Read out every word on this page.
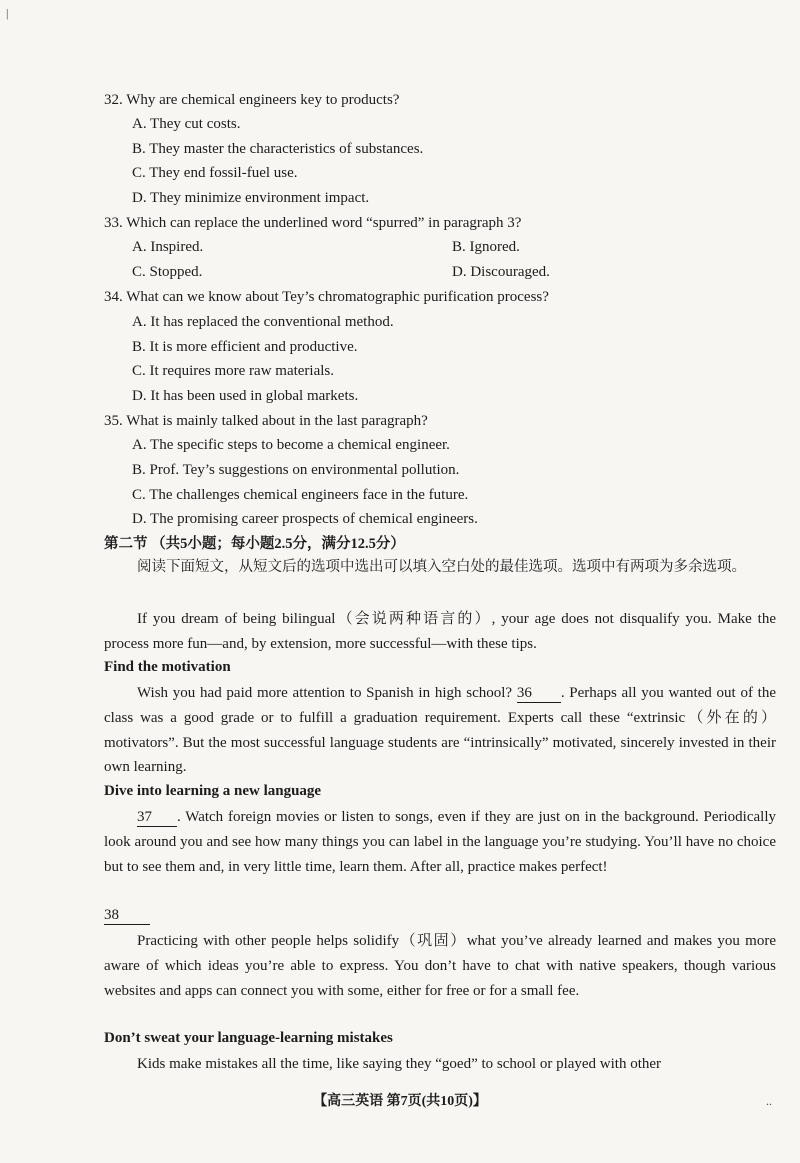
|
32. Why are chemical engineers key to products?
A. They cut costs.
B. They master the characteristics of substances.
C. They end fossil-fuel use.
D. They minimize environment impact.
33. Which can replace the underlined word “spurred” in paragraph 3?
A. Inspired.	B. Ignored.
C. Stopped.	D. Discouraged.
34. What can we know about Tey’s chromatographic purification process?
A. It has replaced the conventional method.
B. It is more efficient and productive.
C. It requires more raw materials.
D. It has been used in global markets.
35. What is mainly talked about in the last paragraph?
A. The specific steps to become a chemical engineer.
B. Prof. Tey’s suggestions on environmental pollution.
C. The challenges chemical engineers face in the future.
D. The promising career prospects of chemical engineers.
第二节 （共5小题；每小题2.5分，满分12.5分）
阅读下面短文，从短文后的选项中选出可以填入空白处的最佳选项。选项中有两项为多余选项。
If you dream of being bilingual（会说两种语言的）, your age does not disqualify you. Make the process more fun—and, by extension, more successful—with these tips.
Find the motivation
Wish you had paid more attention to Spanish in high school? 36 . Perhaps all you wanted out of the class was a good grade or to fulfill a graduation requirement. Experts call these “extrinsic（外在的）motivators”. But the most successful language students are “intrinsically” motivated, sincerely invested in their own learning.
Dive into learning a new language
37 . Watch foreign movies or listen to songs, even if they are just on in the background. Periodically look around you and see how many things you can label in the language you’re studying. You’ll have no choice but to see them and, in very little time, learn them. After all, practice makes perfect!
38
Practicing with other people helps solidify（巩固）what you’ve already learned and makes you more aware of which ideas you’re able to express. You don’t have to chat with native speakers, though various websites and apps can connect you with some, either for free or for a small fee.
Don’t sweat your language-learning mistakes
Kids make mistakes all the time, like saying they “goed” to school or played with other
【高三英语 第7页(共10页)】	..
